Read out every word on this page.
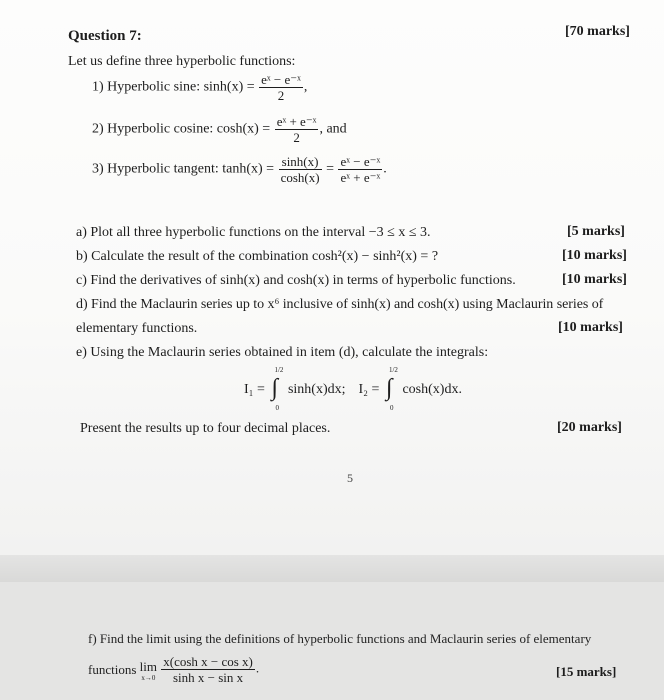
Question 7:	[70 marks]
Let us define three hyperbolic functions:
1) Hyperbolic sine: $\sinh(x) = \frac{\text{eˣ − e⁻ˣ}}{2}$ ,
2) Hyperbolic cosine: $\cosh(x) = \frac{\text{eˣ + e⁻ˣ}}{2}$ , and
3) Hyperbolic tangent: $\tanh(x) = \frac{\sinh(x)}{\cosh(x)} = \frac{\text{eˣ − e⁻ˣ}}{\text{eˣ + e⁻ˣ}}$ .
a) Plot all three hyperbolic functions on the interval −3 ≤ x ≤ 3.	[5 marks]
b) Calculate the result of the combination cosh²(x) − sinh²(x) = ?	[10 marks]
c) Find the derivatives of sinh(x) and cosh(x) in terms of hyperbolic functions.	[10 marks]
d) Find the Maclaurin series up to x⁶ inclusive of sinh(x) and cosh(x) using Maclaurin series of
elementary functions.	[10 marks]
e) Using the Maclaurin series obtained in item (d), calculate the integrals:
I₁ =
1/2
∫
0
sinh(x)dx; I₂ =
1/2
∫
0
cosh(x)dx.
Present the results up to four decimal places.	[20 marks]
5
f) Find the limit using the definitions of hyperbolic functions and Maclaurin series of elementary
functions lim
x→0
$\frac{\text{x(cosh x − cos x)}}{\text{sinh x − sin x}}$ .	[15 marks]
